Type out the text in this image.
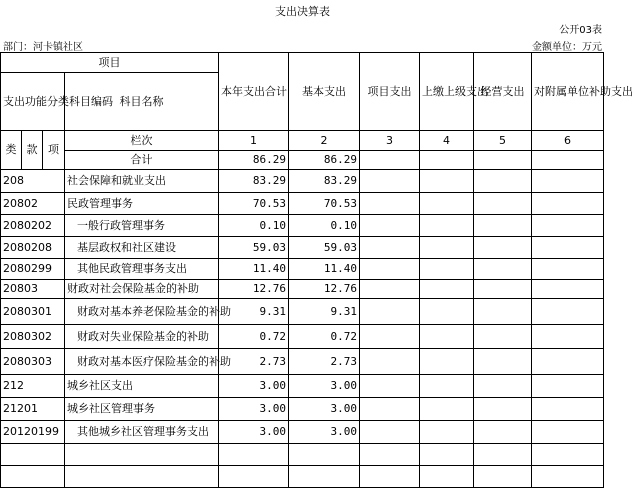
支出决算表
公开03表
部门：河卡镇社区	金额单位：万元
项目				本年支出合计	基本支出	项目支出	上缴上级支出	经营支出	对附属单位补助支出
支出功能分类科目编码			科目名称						

类	款	项	栏次	1	2	3	4	5	6
			合计	86.29	86.29				
208			社会保障和就业支出	83.29	83.29				
20802			民政管理事务	70.53	70.53				
2080202			一般行政管理事务	0.10	0.10				
2080208			基层政权和社区建设	59.03	59.03				
2080299			其他民政管理事务支出	11.40	11.40				
20803			财政对社会保险基金的补助	12.76	12.76				
2080301			财政对基本养老保险基金的补助	9.31	9.31				
2080302			财政对失业保险基金的补助	0.72	0.72				
2080303			财政对基本医疗保险基金的补助	2.73	2.73				
212			城乡社区支出	3.00	3.00				
21201			城乡社区管理事务	3.00	3.00				
20120199			其他城乡社区管理事务支出	3.00	3.00				
